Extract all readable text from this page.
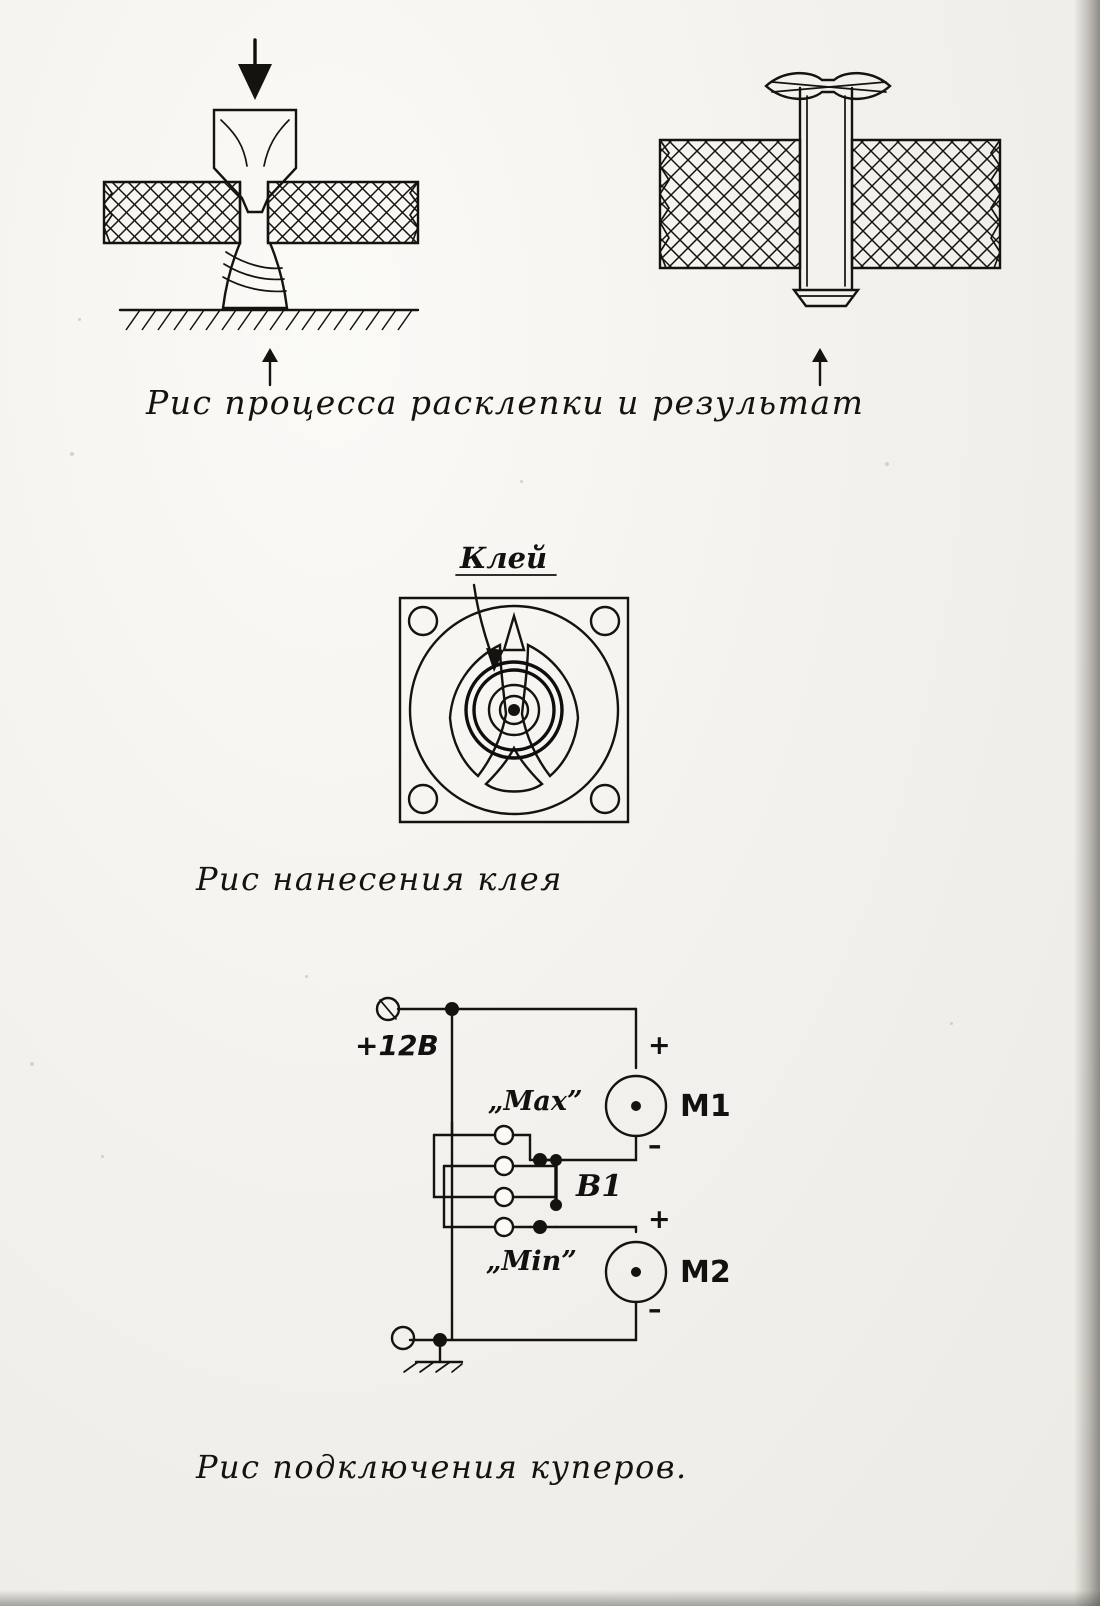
Рис процесса расклепки и результат
Клей
Рис нанесения клея
+12В	+
М1
–
„Мах”
B1
„Min”
+
М2
–
Рис подключения куперов.
